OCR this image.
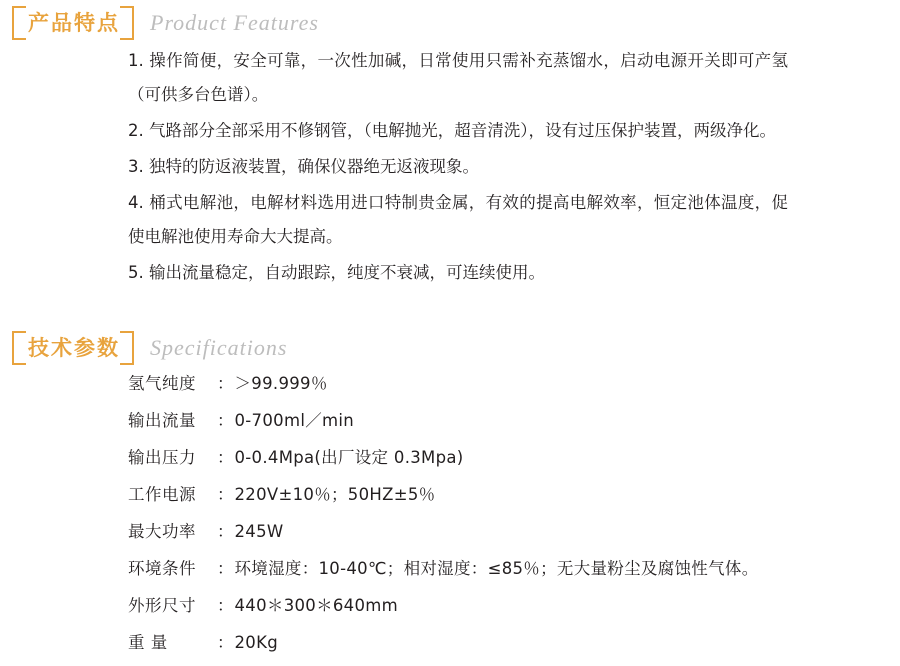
产品特点 Product Features
1. 操作简便，安全可靠，一次性加碱，日常使用只需补充蒸馏水，启动电源开关即可产氢（可供多台色谱）。
2. 气路部分全部采用不修钢管，（电解抛光，超音清洗），设有过压保护装置，两级净化。
3. 独特的防返液装置，确保仪器绝无返液现象。
4. 桶式电解池，电解材料选用进口特制贵金属，有效的提高电解效率，恒定池体温度，促使电解池使用寿命大大提高。
5. 输出流量稳定，自动跟踪，纯度不衰减，可连续使用。
技术参数 Specifications
氢气纯度	： ＞99.999％
输出流量	： 0-700ml／min
输出压力	： 0-0.4Mpa(出厂设定 0.3Mpa)
工作电源	： 220V±10％；50HZ±5％
最大功率	： 245W
环境条件	： 环境湿度：10-40℃；相对湿度：≤85％；无大量粉尘及腐蚀性气体。
外形尺寸	： 440＊300＊640mm
重 量	： 20Kg
